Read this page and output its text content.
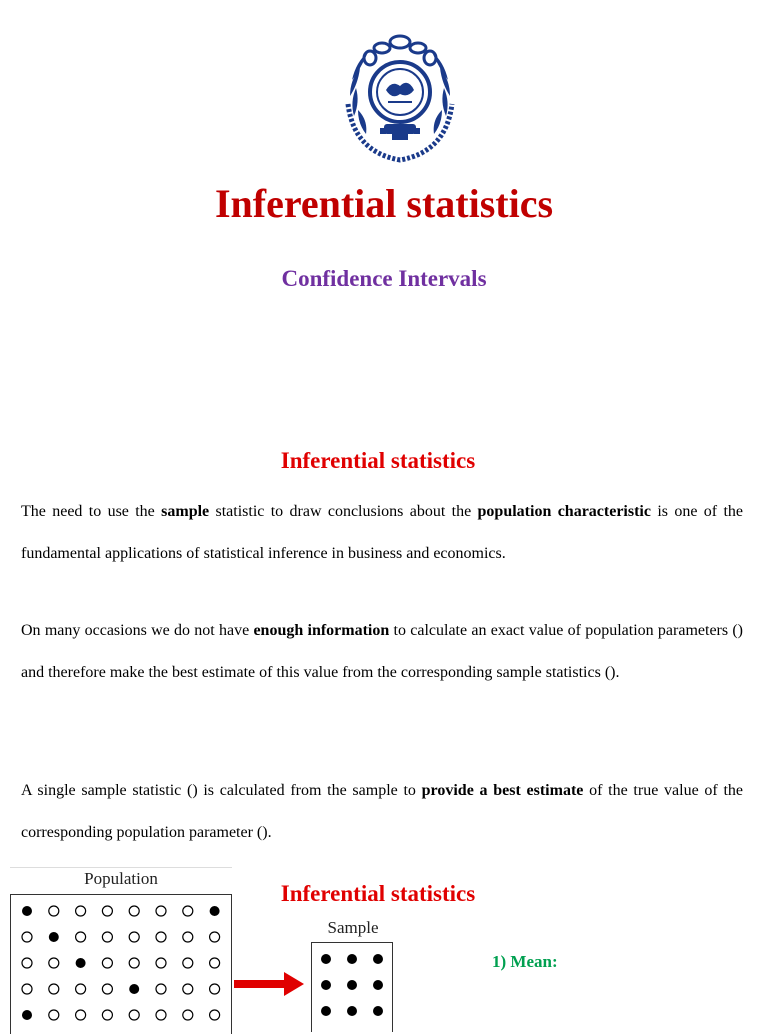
Inferential statistics
Confidence Intervals
Inferential statistics
The need to use the sample statistic to draw conclusions about the population characteristic is one of the fundamental applications of statistical inference in business and economics.
On many occasions we do not have enough information to calculate an exact value of population parameters () and therefore make the best estimate of this value from the corresponding sample statistics ().
A single sample statistic () is calculated from the sample to provide a best estimate of the true value of the corresponding population parameter ().
Population
Sample
Inferential statistics
1) Mean:
